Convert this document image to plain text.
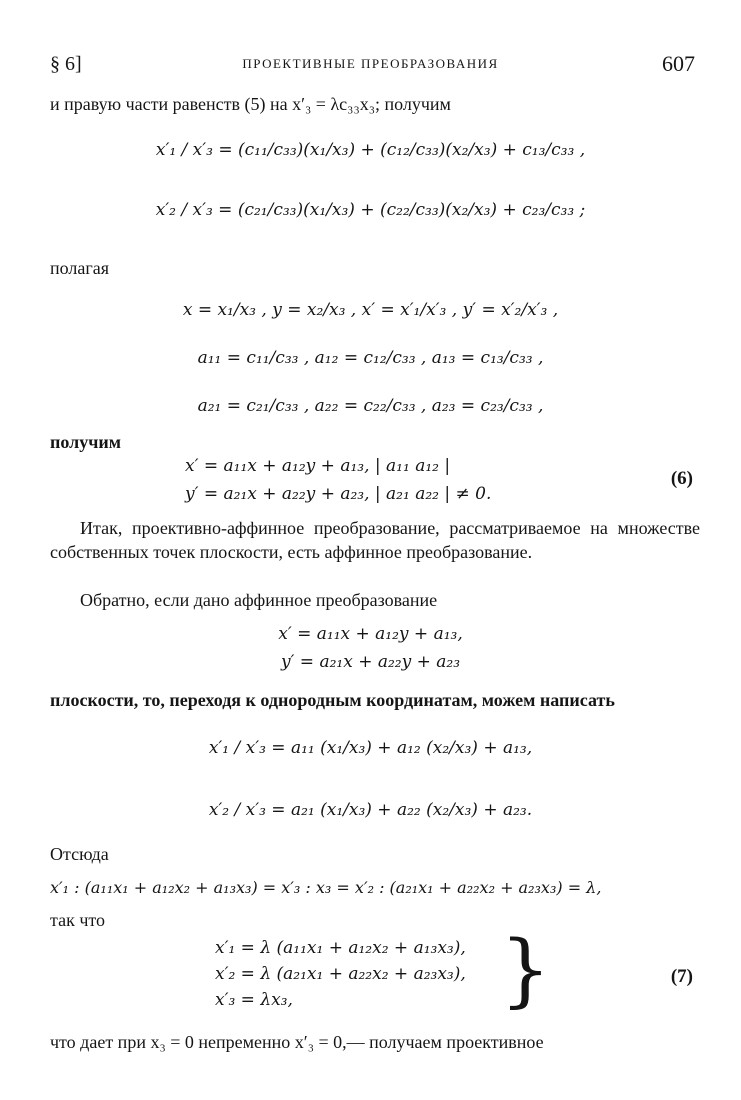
ПРОЕКТИВНЫЕ ПРЕОБРАЗОВАНИЯ
§ 6]	607
и правую части равенств (5) на x′₃ = λc₃₃x₃; получим
x′₁ / x′₃ = (c₁₁/c₃₃)(x₁/x₃) + (c₁₂/c₃₃)(x₂/x₃) + c₁₃/c₃₃ ,
x′₂ / x′₃ = (c₂₁/c₃₃)(x₁/x₃) + (c₂₂/c₃₃)(x₂/x₃) + c₂₃/c₃₃ ;
полагая
x = x₁/x₃ , y = x₂/x₃ , x′ = x′₁/x′₃ , y′ = x′₂/x′₃ ,
a₁₁ = c₁₁/c₃₃ , a₁₂ = c₁₂/c₃₃ , a₁₃ = c₁₃/c₃₃ ,
a₂₁ = c₂₁/c₃₃ , a₂₂ = c₂₂/c₃₃ , a₂₃ = c₂₃/c₃₃ ,
получим
x′ = a₁₁x + a₁₂y + a₁₃, | a₁₁ a₁₂ |
y′ = a₂₁x + a₂₂y + a₂₃, | a₂₁ a₂₂ | ≠ 0.
(6)
Итак, проективно-аффинное преобразование, рассматриваемое на множестве собственных точек плоскости, есть аффинное преобразование.
Обратно, если дано аффинное преобразование
x′ = a₁₁x + a₁₂y + a₁₃,
y′ = a₂₁x + a₂₂y + a₂₃
плоскости, то, переходя к однородным координатам, можем написать
x′₁ / x′₃ = a₁₁ (x₁/x₃) + a₁₂ (x₂/x₃) + a₁₃,
x′₂ / x′₃ = a₂₁ (x₁/x₃) + a₂₂ (x₂/x₃) + a₂₃.
Отсюда
x′₁ : (a₁₁x₁ + a₁₂x₂ + a₁₃x₃) = x′₃ : x₃ = x′₂ : (a₂₁x₁ + a₂₂x₂ + a₂₃x₃) = λ,
так что
x′₁ = λ (a₁₁x₁ + a₁₂x₂ + a₁₃x₃),
x′₂ = λ (a₂₁x₁ + a₂₂x₂ + a₂₃x₃),
x′₃ = λx₃,	}	(7)
что дает при x₃ = 0 непременно x′₃ = 0,— получаем проективное
